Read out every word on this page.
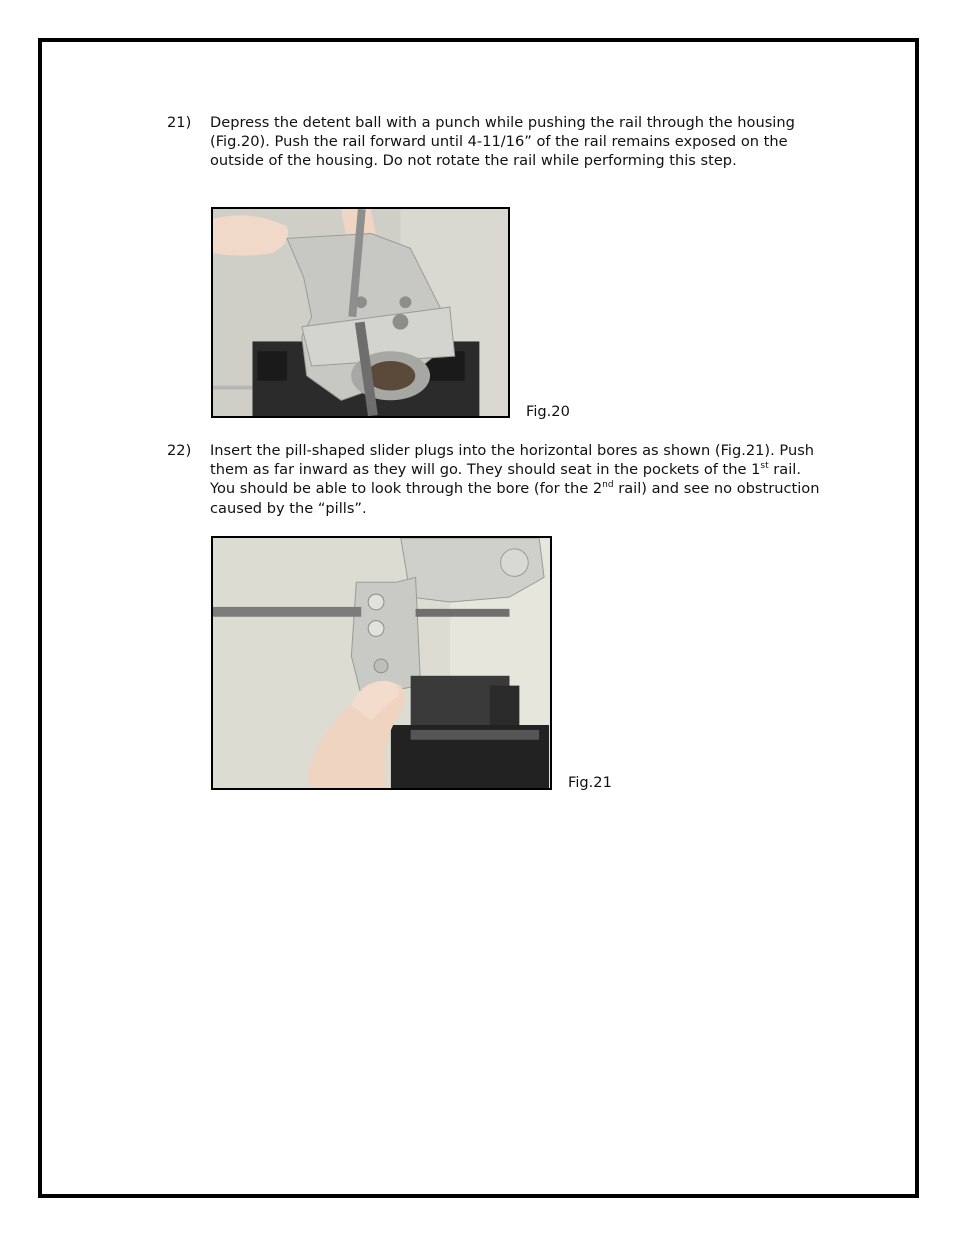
21) Depress the detent ball with a punch while pushing the rail through the housing (Fig.20). Push the rail forward until 4-11/16” of the rail remains exposed on the outside of the housing. Do not rotate the rail while performing this step.
Fig.20
22) Insert the pill-shaped slider plugs into the horizontal bores as shown (Fig.21). Push them as far inward as they will go. They should seat in the pockets of the 1st rail. You should be able to look through the bore (for the 2nd rail) and see no obstruction caused by the “pills”.
Fig.21
